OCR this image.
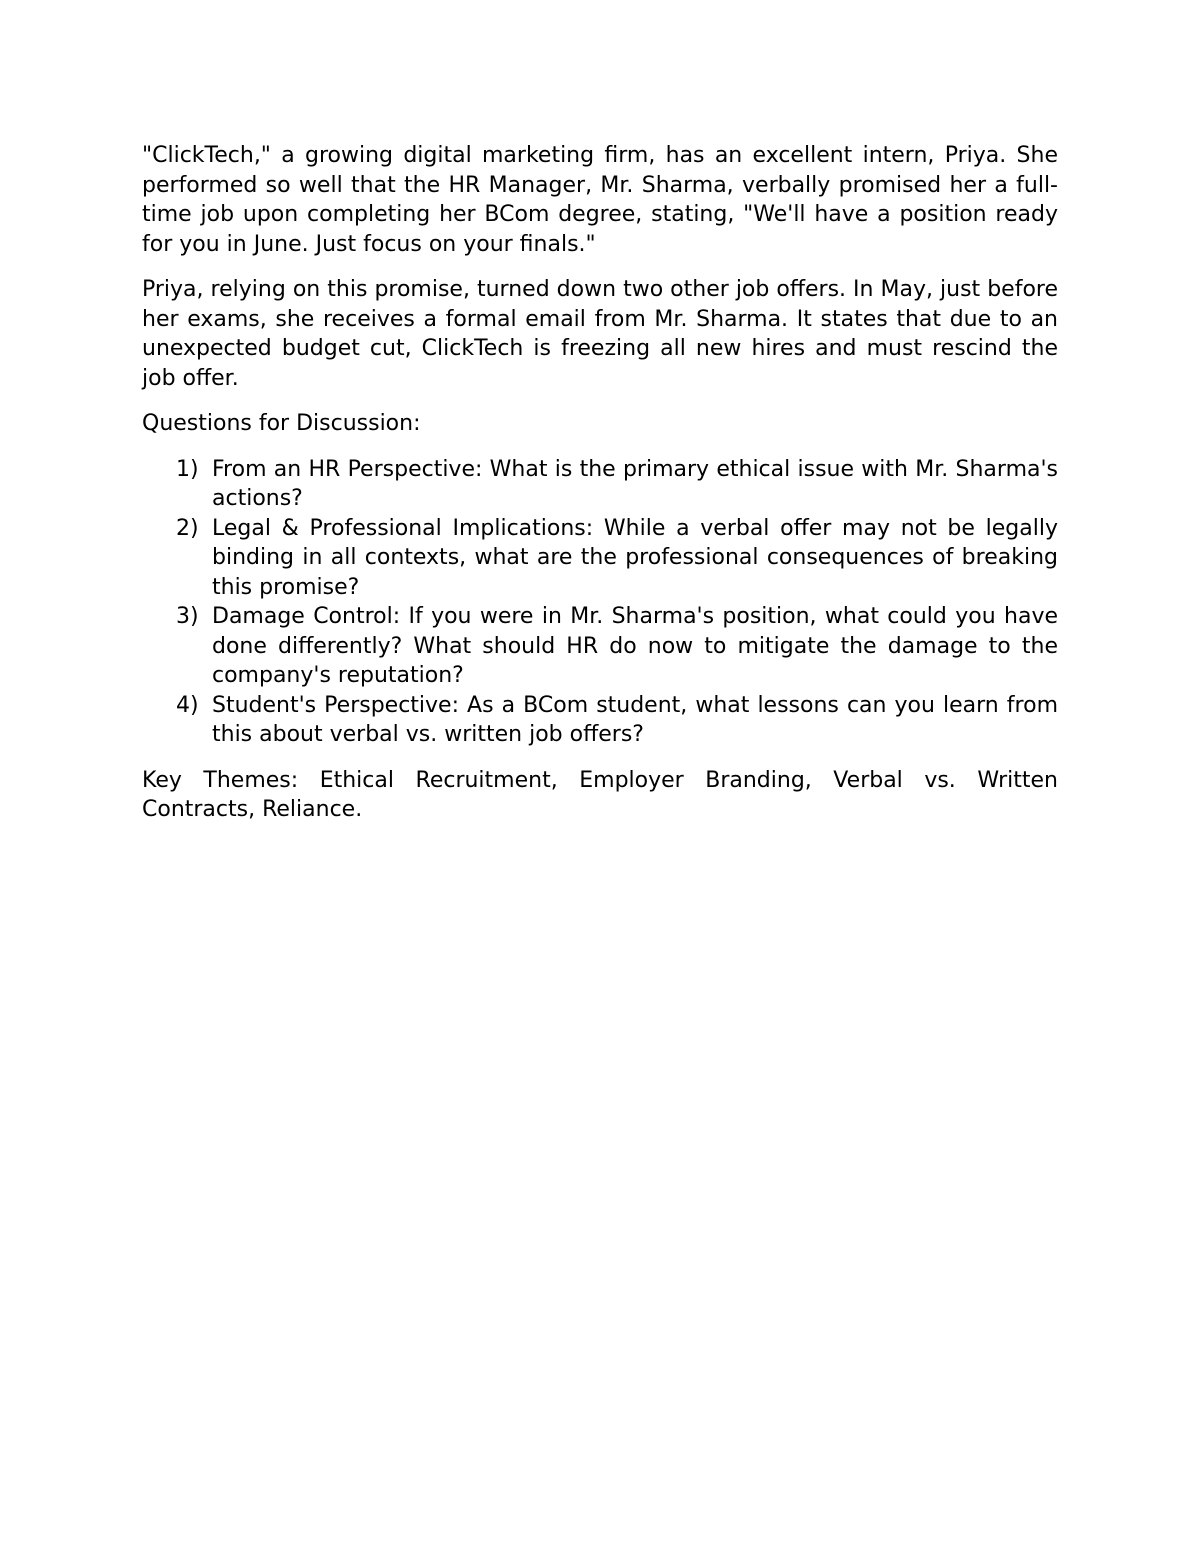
"ClickTech," a growing digital marketing firm, has an excellent intern, Priya. She performed so well that the HR Manager, Mr. Sharma, verbally promised her a full-time job upon completing her BCom degree, stating, "We'll have a position ready for you in June. Just focus on your finals."

Priya, relying on this promise, turned down two other job offers. In May, just before her exams, she receives a formal email from Mr. Sharma. It states that due to an unexpected budget cut, ClickTech is freezing all new hires and must rescind the job offer.

Questions for Discussion:

1) From an HR Perspective: What is the primary ethical issue with Mr. Sharma's actions?
2) Legal & Professional Implications: While a verbal offer may not be legally binding in all contexts, what are the professional consequences of breaking this promise?
3) Damage Control: If you were in Mr. Sharma's position, what could you have done differently? What should HR do now to mitigate the damage to the company's reputation?
4) Student's Perspective: As a BCom student, what lessons can you learn from this about verbal vs. written job offers?

Key Themes: Ethical Recruitment, Employer Branding, Verbal vs. Written Contracts, Reliance.
